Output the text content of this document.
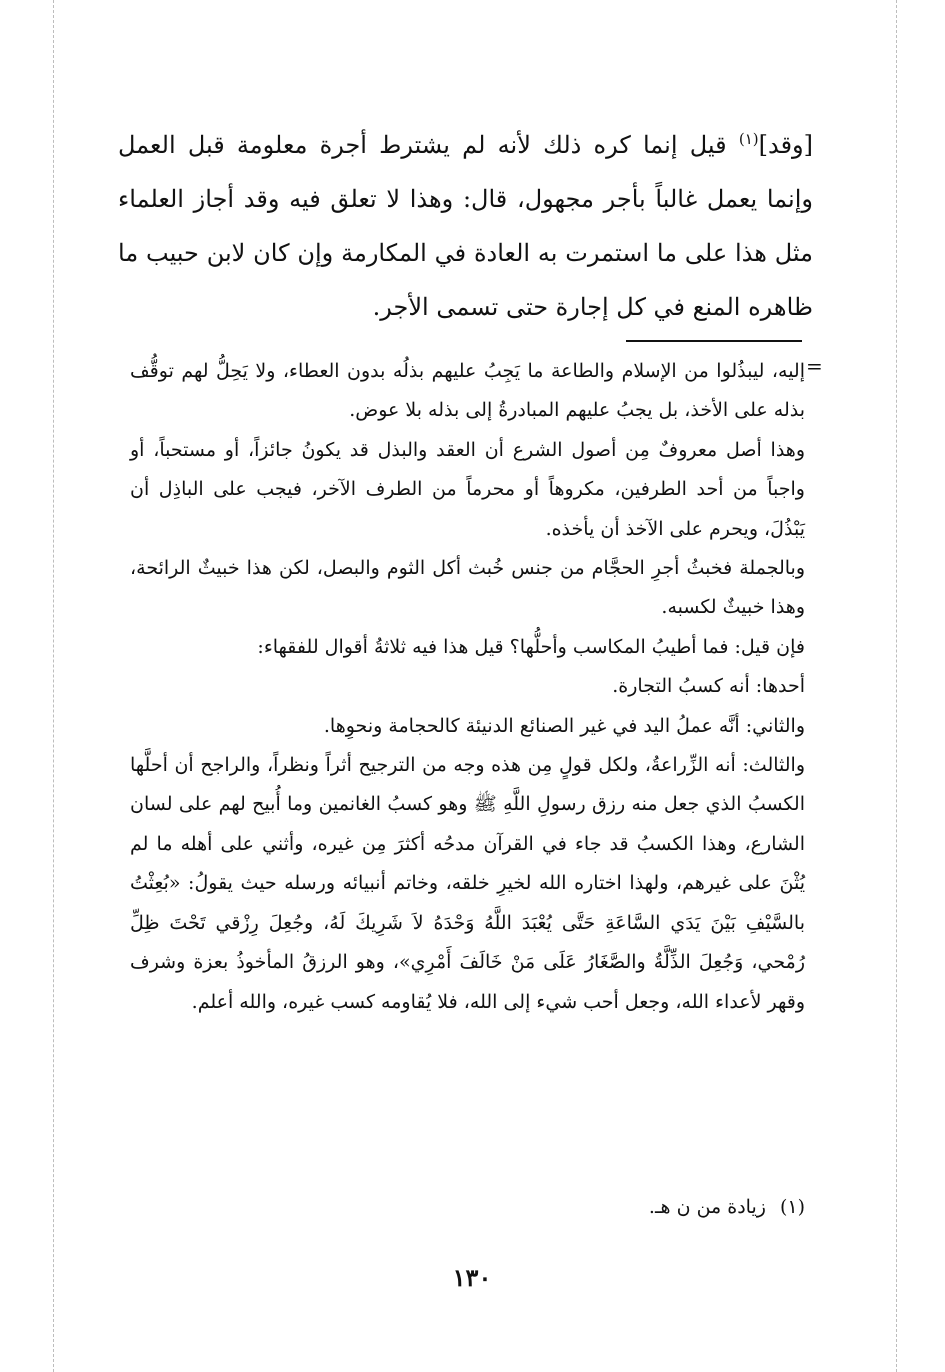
[وقد]$^{(١)}$ قيل إنما كره ذلك لأنه لم يشترط أجرة معلومة قبل العمل وإنما يعمل غالباً بأجر مجهول، قال: وهذا لا تعلق فيه وقد أجاز العلماء مثل هذا على ما استمرت به العادة في المكارمة وإن كان لابن حبيب ما ظاهره المنع في كل إجارة حتى تسمى الأجر.

=

إليه، ليبذُلوا من الإسلام والطاعة ما يَجِبُ عليهم بذلُه بدون العطاء، ولا يَحِلُّ لهم توقُّف بذله على الأخذ، بل يجبُ عليهم المبادرةُ إلى بذله بلا عوض.

وهذا أصل معروفٌ مِن أصول الشرع أن العقد والبذل قد يكونُ جائزاً، أو مستحباً، أو واجباً من أحد الطرفين، مكروهاً أو محرماً من الطرف الآخر، فيجب على الباذِل أن يَبْذُلَ، ويحرم على الآخذ أن يأخذه.

وبالجملة فخبثُ أجرِ الحجَّام من جنس خُبث أكل الثوم والبصل، لكن هذا خبيثٌ الرائحة، وهذا خبيثٌ لكسبه.

فإن قيل: فما أطيبُ المكاسب وأحلُّها؟ قيل هذا فيه ثلاثةُ أقوال للفقهاء:

أحدها: أنه كسبُ التجارة.

والثاني: أنَّه عملُ اليد في غير الصنائع الدنيئة كالحجامة ونحوِها.

والثالث: أنه الزِّراعةُ، ولكل قولٍ مِن هذه وجه من الترجيح أثراً ونظراً، والراجح أن أحلَّها الكسبُ الذي جعل منه رزق رسولِ اللَّهِ ﷺ وهو كسبُ الغانمين وما أُبيح لهم على لسان الشارع، وهذا الكسبُ قد جاء في القرآن مدحُه أكثرَ مِن غيره، وأثني على أهله ما لم يُثْنَ على غيرهم، ولهذا اختاره الله لخيرِ خلقه، وخاتم أنبيائه ورسله حيث يقولُ: «بُعِثْتُ بالسَّيْفِ بَيْنَ يَدَي السَّاعَةِ حَتَّى يُعْبَدَ اللَّهُ وَحْدَهُ لاَ شَرِيكَ لَهُ، وجُعِلَ رِزْقي تَحْتَ ظِلِّ رُمْحي، وَجُعِلَ الذِّلَّةُ والصَّغَارُ عَلَى مَنْ خَالَفَ أَمْرِي»، وهو الرزقُ المأخوذُ بعزة وشرف وقهر لأعداء الله، وجعل أحب شيء إلى الله، فلا يُقاومه كسب غيره، والله أعلم.

(١)زيادة من ن هـ.
١٣٠
